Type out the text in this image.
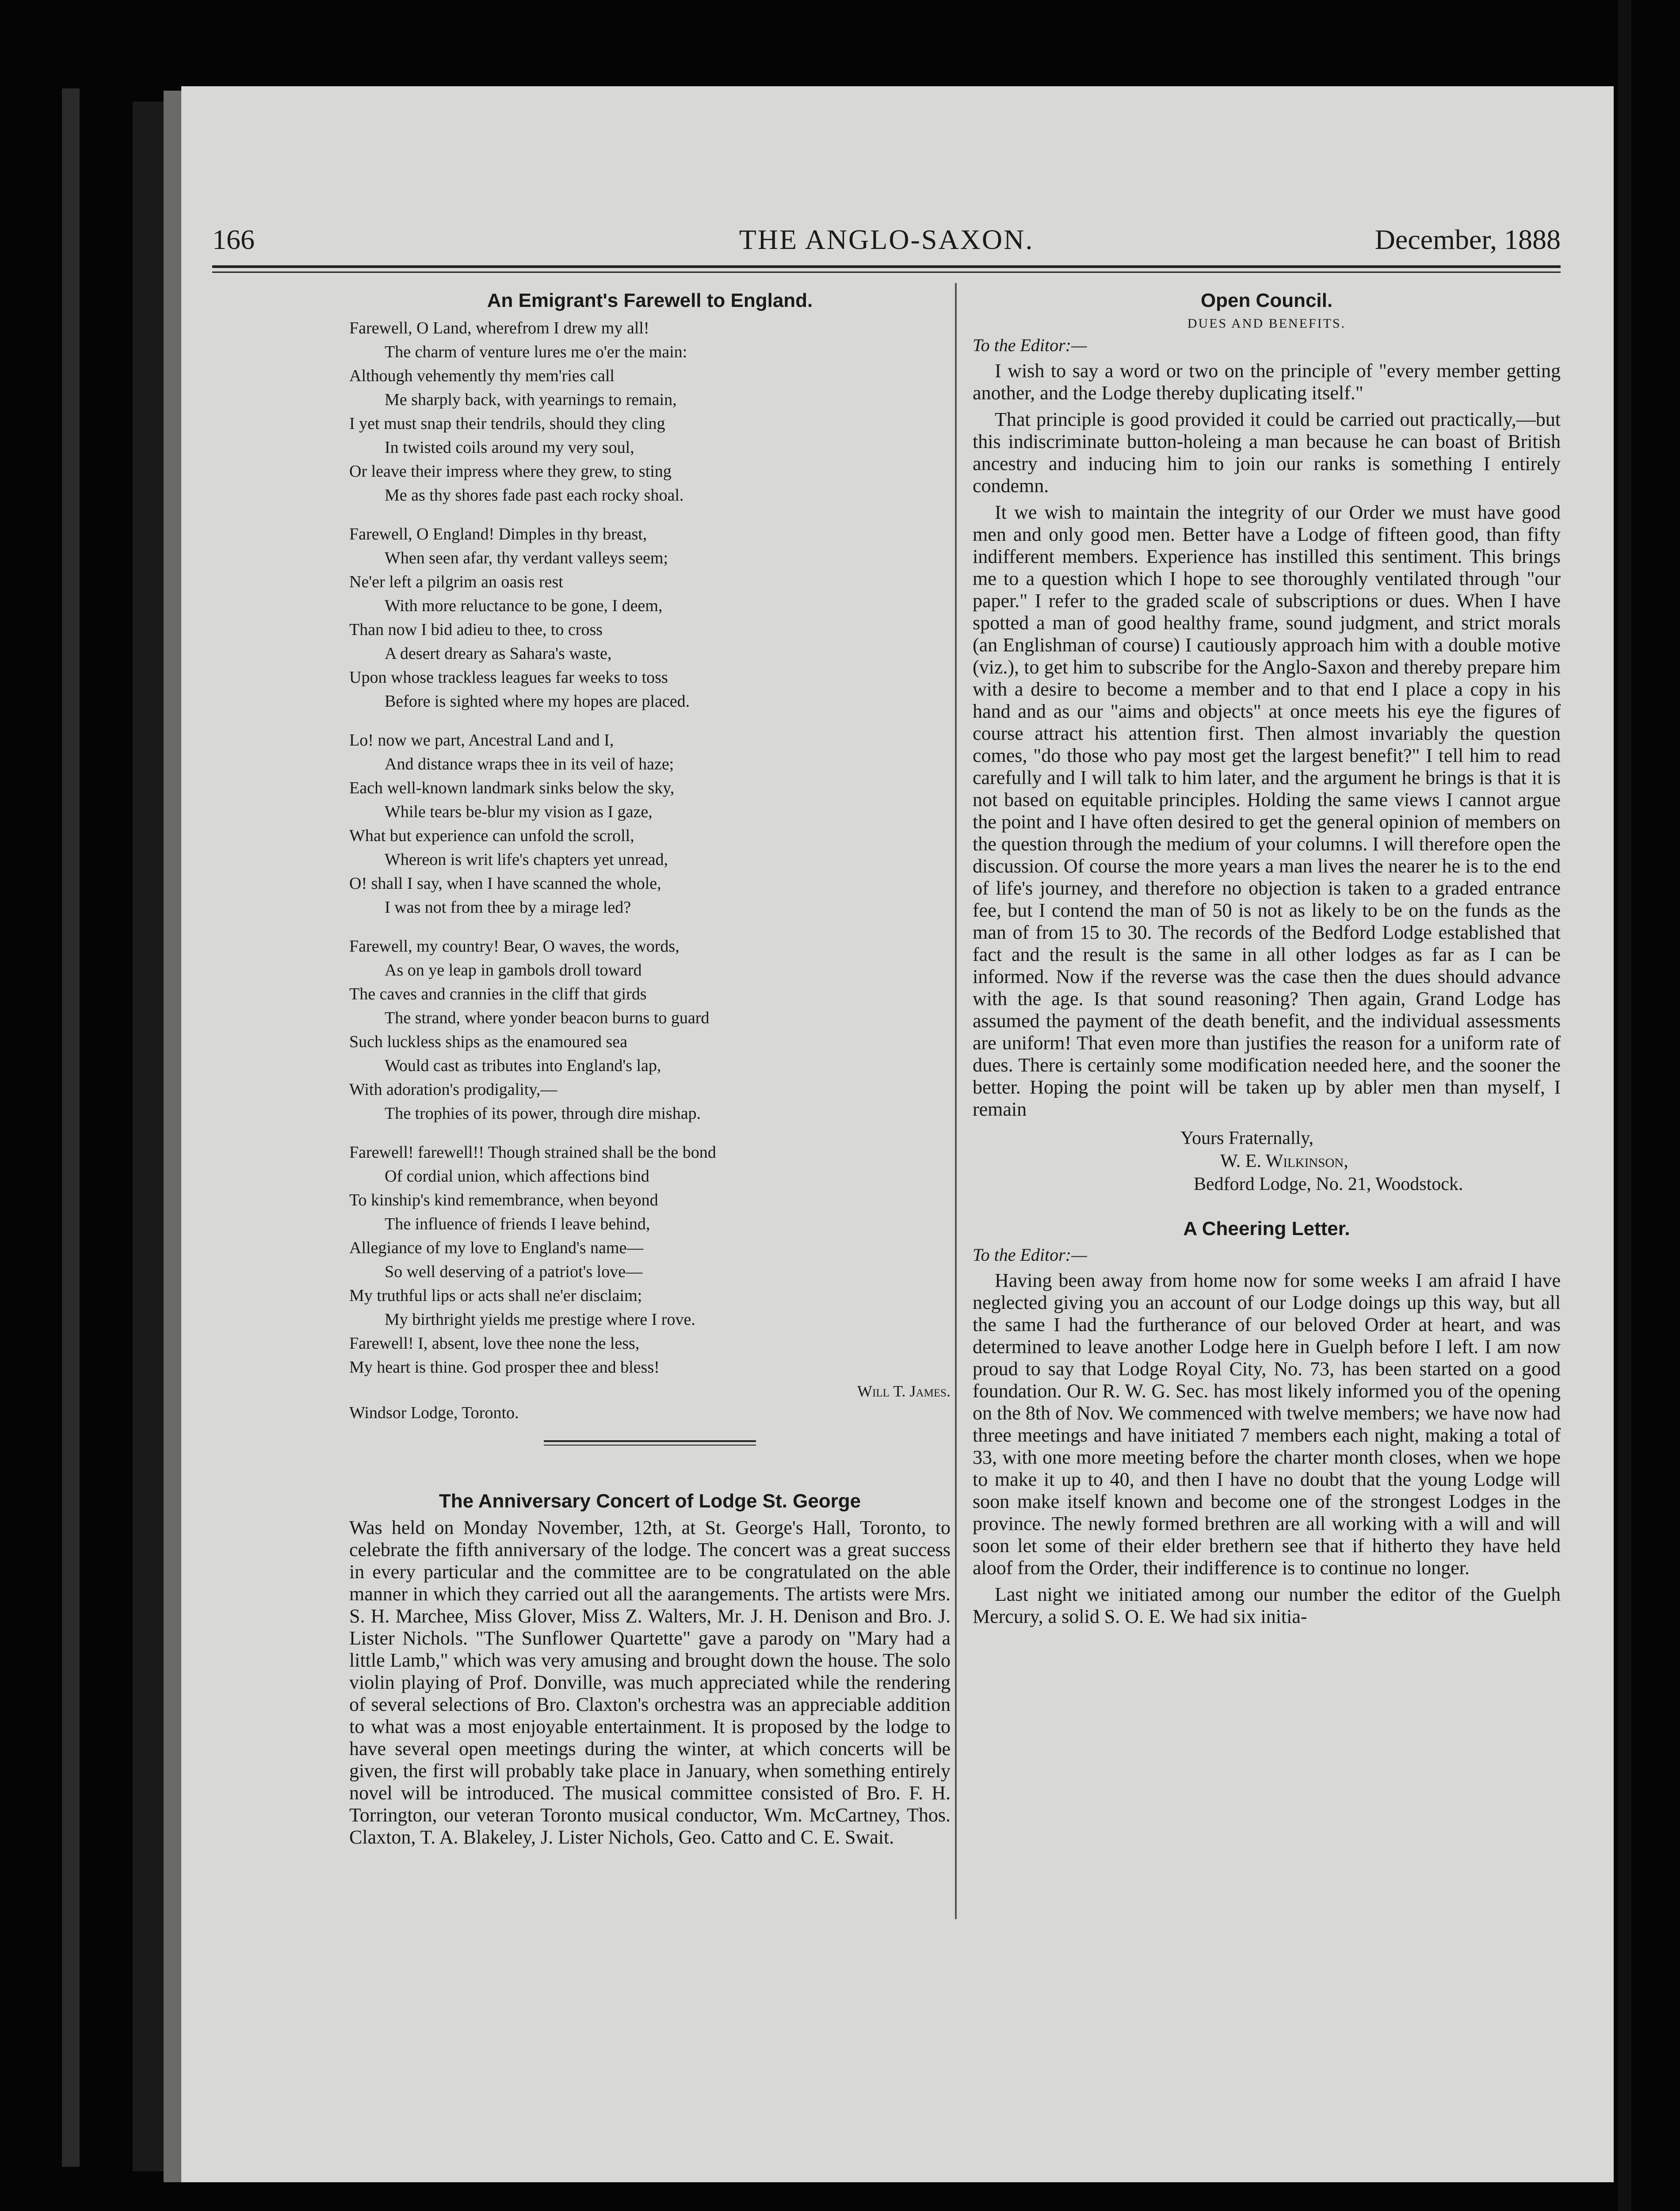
166	THE ANGLO-SAXON.	December, 1888
An Emigrant's Farewell to England.
Farewell, O Land, wherefrom I drew my all!
The charm of venture lures me o'er the main:
Although vehemently thy mem'ries call
Me sharply back, with yearnings to remain,
I yet must snap their tendrils, should they cling
In twisted coils around my very soul,
Or leave their impress where they grew, to sting
Me as thy shores fade past each rocky shoal.
Farewell, O England! Dimples in thy breast,
When seen afar, thy verdant valleys seem;
Ne'er left a pilgrim an oasis rest
With more reluctance to be gone, I deem,
Than now I bid adieu to thee, to cross
A desert dreary as Sahara's waste,
Upon whose trackless leagues far weeks to toss
Before is sighted where my hopes are placed.
Lo! now we part, Ancestral Land and I,
And distance wraps thee in its veil of haze;
Each well-known landmark sinks below the sky,
While tears be-blur my vision as I gaze,
What but experience can unfold the scroll,
Whereon is writ life's chapters yet unread,
O! shall I say, when I have scanned the whole,
I was not from thee by a mirage led?
Farewell, my country! Bear, O waves, the words,
As on ye leap in gambols droll toward
The caves and crannies in the cliff that girds
The strand, where yonder beacon burns to guard
Such luckless ships as the enamoured sea
Would cast as tributes into England's lap,
With adoration's prodigality,—
The trophies of its power, through dire mishap.
Farewell! farewell!! Though strained shall be the bond
Of cordial union, which affections bind
To kinship's kind remembrance, when beyond
The influence of friends I leave behind,
Allegiance of my love to England's name—
So well deserving of a patriot's love—
My truthful lips or acts shall ne'er disclaim;
My birthright yields me prestige where I rove.
Farewell! I, absent, love thee none the less,
My heart is thine. God prosper thee and bless!
Will T. James.
Windsor Lodge, Toronto.
The Anniversary Concert of Lodge St. George

Was held on Monday November, 12th, at St. George's Hall, Toronto, to celebrate the fifth anniversary of the lodge. The concert was a great success in every particular and the committee are to be congratulated on the able manner in which they carried out all the aarangements. The artists were Mrs. S. H. Marchee, Miss Glover, Miss Z. Walters, Mr. J. H. Denison and Bro. J. Lister Nichols. "The Sunflower Quartette" gave a parody on "Mary had a little Lamb," which was very amusing and brought down the house. The solo violin playing of Prof. Donville, was much appreciated while the rendering of several selections of Bro. Claxton's orchestra was an appreciable addition to what was a most enjoyable entertainment. It is proposed by the lodge to have several open meetings during the winter, at which concerts will be given, the first will probably take place in January, when something entirely novel will be introduced. The musical committee consisted of Bro. F. H. Torrington, our veteran Toronto musical conductor, Wm. McCartney, Thos. Claxton, T. A. Blakeley, J. Lister Nichols, Geo. Catto and C. E. Swait.

Open Council.
DUES AND BENEFITS.
To the Editor:—

I wish to say a word or two on the principle of "every member getting another, and the Lodge thereby duplicating itself."

That principle is good provided it could be carried out practically,—but this indiscriminate button-holeing a man because he can boast of British ancestry and inducing him to join our ranks is something I entirely condemn.

It we wish to maintain the integrity of our Order we must have good men and only good men. Better have a Lodge of fifteen good, than fifty indifferent members. Experience has instilled this sentiment. This brings me to a question which I hope to see thoroughly ventilated through "our paper." I refer to the graded scale of subscriptions or dues. When I have spotted a man of good healthy frame, sound judgment, and strict morals (an Englishman of course) I cautiously approach him with a double motive (viz.), to get him to subscribe for the Anglo-Saxon and thereby prepare him with a desire to become a member and to that end I place a copy in his hand and as our "aims and objects" at once meets his eye the figures of course attract his attention first. Then almost invariably the question comes, "do those who pay most get the largest benefit?" I tell him to read carefully and I will talk to him later, and the argument he brings is that it is not based on equitable principles. Holding the same views I cannot argue the point and I have often desired to get the general opinion of members on the question through the medium of your columns. I will therefore open the discussion. Of course the more years a man lives the nearer he is to the end of life's journey, and therefore no objection is taken to a graded entrance fee, but I contend the man of 50 is not as likely to be on the funds as the man of from 15 to 30. The records of the Bedford Lodge established that fact and the result is the same in all other lodges as far as I can be informed. Now if the reverse was the case then the dues should advance with the age. Is that sound reasoning? Then again, Grand Lodge has assumed the payment of the death benefit, and the individual assessments are uniform! That even more than justifies the reason for a uniform rate of dues. There is certainly some modification needed here, and the sooner the better. Hoping the point will be taken up by abler men than myself, I remain

Yours Fraternally,
W. E. Wilkinson,
Bedford Lodge, No. 21, Woodstock.
A Cheering Letter.
To the Editor:—

Having been away from home now for some weeks I am afraid I have neglected giving you an account of our Lodge doings up this way, but all the same I had the furtherance of our beloved Order at heart, and was determined to leave another Lodge here in Guelph before I left. I am now proud to say that Lodge Royal City, No. 73, has been started on a good foundation. Our R. W. G. Sec. has most likely informed you of the opening on the 8th of Nov. We commenced with twelve members; we have now had three meetings and have initiated 7 members each night, making a total of 33, with one more meeting before the charter month closes, when we hope to make it up to 40, and then I have no doubt that the young Lodge will soon make itself known and become one of the strongest Lodges in the province. The newly formed brethren are all working with a will and will soon let some of their elder brethern see that if hitherto they have held aloof from the Order, their indifference is to continue no longer.

Last night we initiated among our number the editor of the Guelph Mercury, a solid S. O. E. We had six initia-
